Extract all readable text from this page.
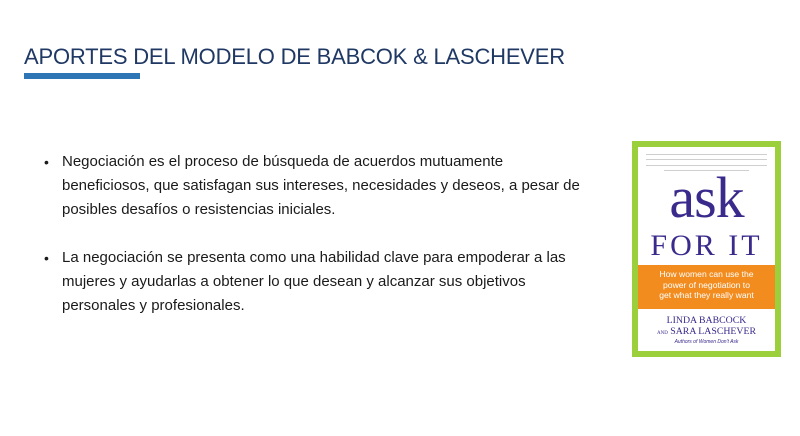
APORTES DEL MODELO DE BABCOK & LASCHEVER
• Negociación es el proceso de búsqueda de acuerdos mutuamente
beneficiosos, que satisfagan sus intereses, necesidades y deseos, a pesar de
posibles desafíos o resistencias iniciales.
• La negociación se presenta como una habilidad clave para empoderar a las
mujeres y ayudarlas a obtener lo que desean y alcanzar sus objetivos
personales y profesionales.
ask
FOR IT
How women can use the
power of negotiation to
get what they really want
LINDA BABCOCK
AND SARA LASCHEVER
Authors of Women Don't Ask
